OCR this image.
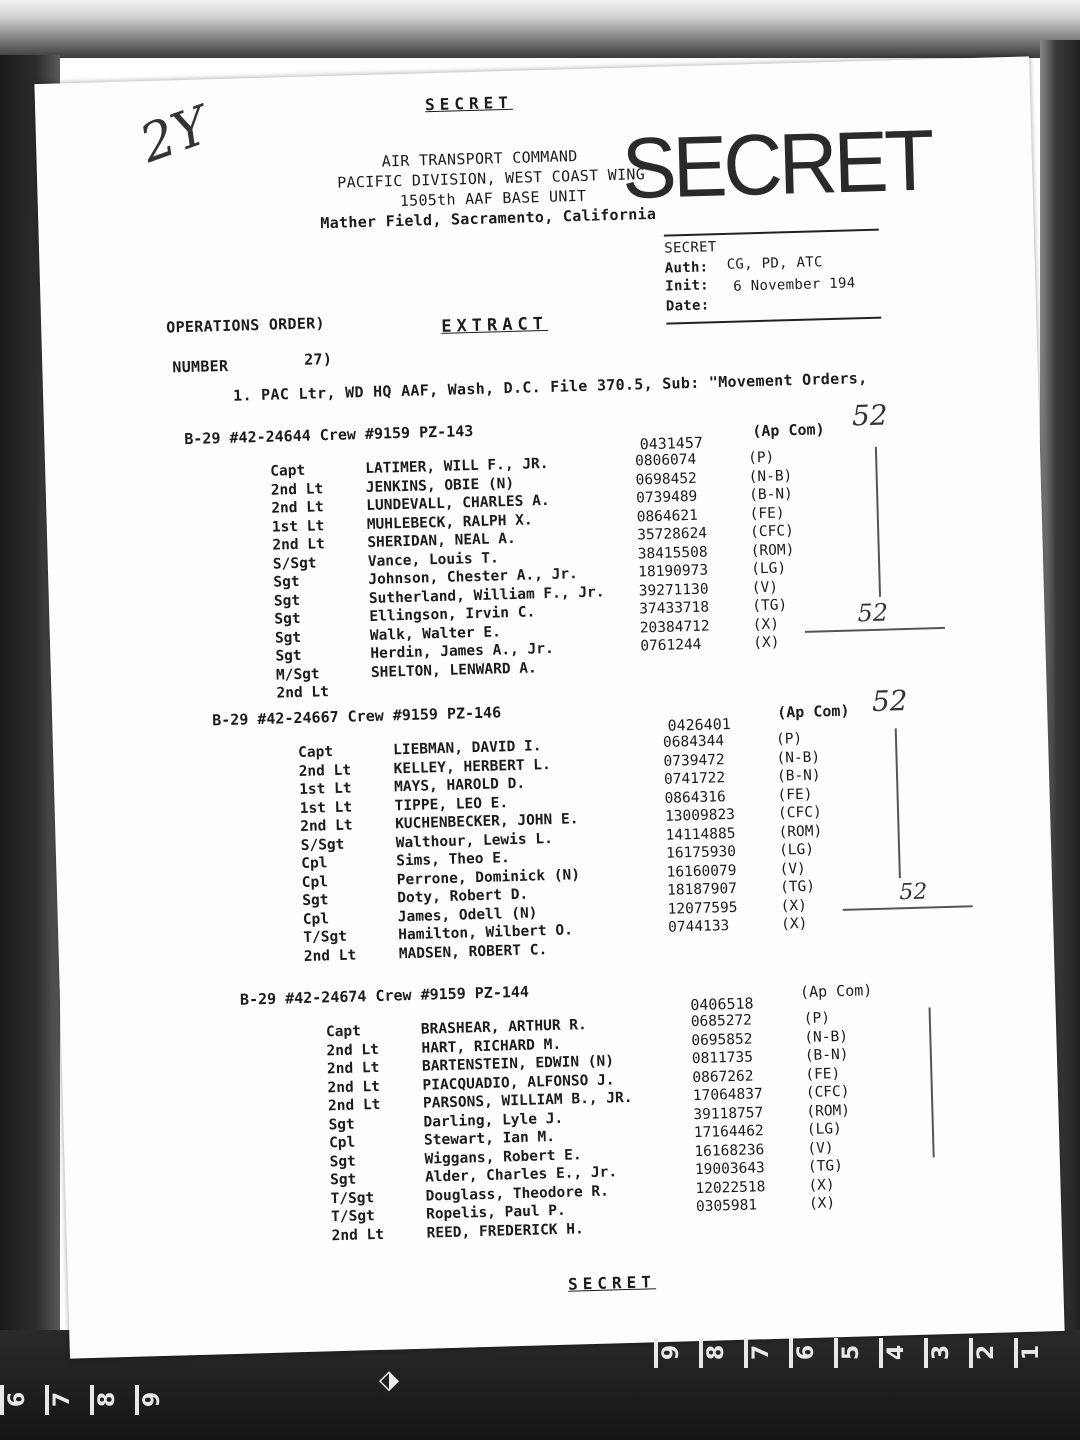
2Y	SECRET
AIR TRANSPORT COMMAND
PACIFIC DIVISION, WEST COAST WING
1505th AAF BASE UNIT
Mather Field, Sacramento, California
SECRET
SECRET
Auth: CG, PD, ATC
Init: 6 November 194
Date:
OPERATIONS ORDER)
NUMBER	27)
EXTRACT
1. PAC Ltr, WD HQ AAF, Wash, D.C. File 370.5, Sub: "Movement Orders,
B-29 #42-24644 Crew #9159 PZ-143	0431457
(Ap Com) 52
52
Capt	LATIMER, WILL F., JR.	0806074	(P)
2nd Lt	JENKINS, OBIE (N)	0698452	(N-B)
2nd Lt	LUNDEVALL, CHARLES A.	0739489	(B-N)
1st Lt	MUHLEBECK, RALPH X.	0864621	(FE)
2nd Lt	SHERIDAN, NEAL A.	35728624	(CFC)
S/Sgt	Vance, Louis T.	38415508	(ROM)
Sgt	Johnson, Chester A., Jr.	18190973	(LG)
Sgt	Sutherland, William F., Jr. 39271130	(V)
Sgt	Ellingson, Irvin C.	37433718	(TG)
Sgt	Walk, Walter E.	20384712	(X)
Sgt	Herdin, James A., Jr.	0761244	(X)
M/Sgt	SHELTON, LENWARD A.
2nd Lt
B-29 #42-24667 Crew #9159 PZ-146	0426401
(Ap Com) 52
52
Capt	LIEBMAN, DAVID I.	0684344	(P)
2nd Lt	KELLEY, HERBERT L.	0739472	(N-B)
1st Lt	MAYS, HAROLD D.	0741722	(B-N)
1st Lt	TIPPE, LEO E.	0864316	(FE)
2nd Lt	KUCHENBECKER, JOHN E.	13009823	(CFC)
S/Sgt	Walthour, Lewis L.	14114885	(ROM)
Cpl	Sims, Theo E.	16175930	(LG)
Cpl	Perrone, Dominick (N)	16160079	(V)
Sgt	Doty, Robert D.	18187907	(TG)
Cpl	James, Odell (N)	12077595	(X)
T/Sgt	Hamilton, Wilbert O.	0744133	(X)
2nd Lt	MADSEN, ROBERT C.
B-29 #42-24674 Crew #9159 PZ-144	0406518
(Ap Com)
Capt	BRASHEAR, ARTHUR R.	0685272	(P)
2nd Lt	HART, RICHARD M.	0695852	(N-B)
2nd Lt	BARTENSTEIN, EDWIN (N)	0811735	(B-N)
2nd Lt	PIACQUADIO, ALFONSO J.	0867262	(FE)
2nd Lt	PARSONS, WILLIAM B., JR.	17064837	(CFC)
Sgt	Darling, Lyle J.	39118757	(ROM)
Cpl	Stewart, Ian M.	17164462	(LG)
Sgt	Wiggans, Robert E.	16168236	(V)
Sgt	Alder, Charles E., Jr.	19003643	(TG)
T/Sgt	Douglass, Theodore R.	12022518	(X)
T/Sgt	Ropelis, Paul P.	0305981	(X)
2nd Lt	REED, FREDERICK H.
SECRET
6 7 8 9
9 8 7 6 5 4 3 2 1
⬗
